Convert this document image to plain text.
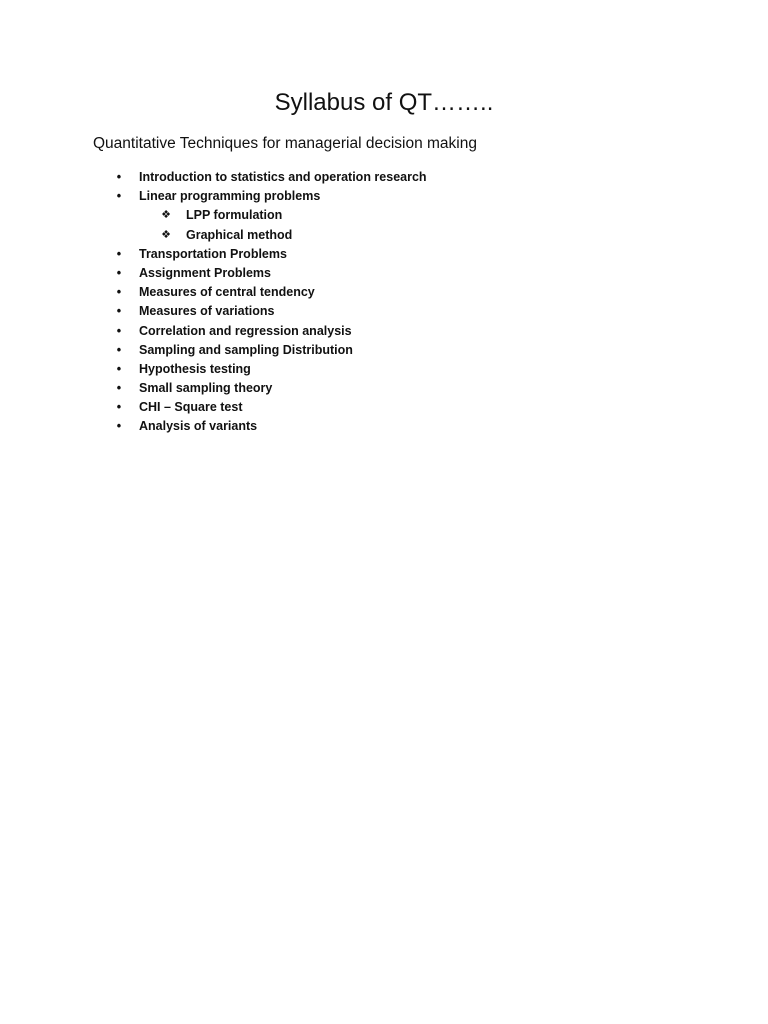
Syllabus of QT……..
Quantitative Techniques for managerial decision making
• Introduction to statistics and operation research
• Linear programming problems
❖ LPP formulation
❖ Graphical method
• Transportation Problems
• Assignment Problems
• Measures of central tendency
• Measures of variations
• Correlation and regression analysis
• Sampling and sampling Distribution
• Hypothesis testing
• Small sampling theory
• CHI – Square test
• Analysis of variants
